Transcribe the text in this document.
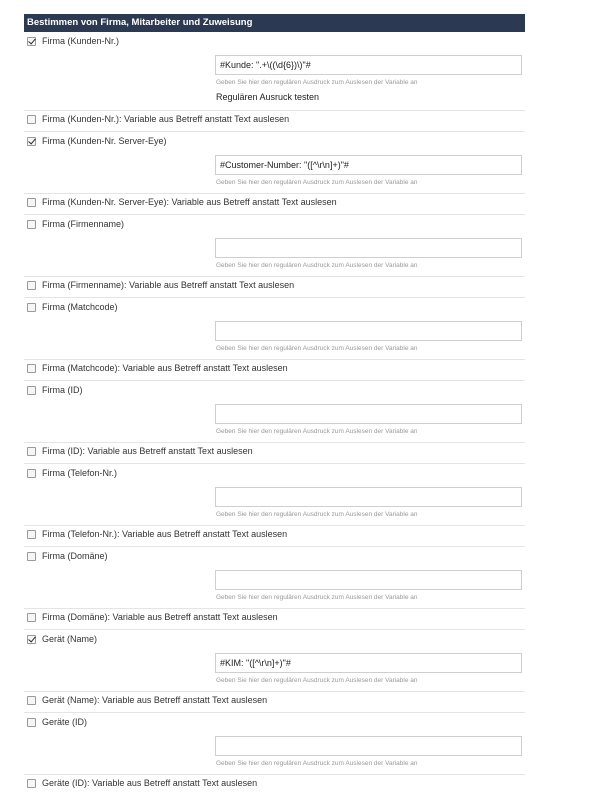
Bestimmen von Firma, Mitarbeiter und Zuweisung
Firma (Kunden-Nr.)
#Kunde: ".+\((\d{6})\)"#
Geben Sie hier den regulären Ausdruck zum Auslesen der Variable an
Regulären Ausruck testen
Firma (Kunden-Nr.): Variable aus Betreff anstatt Text auslesen
Firma (Kunden-Nr. Server-Eye)
#Customer-Number: "([^\r\n]+)"#
Geben Sie hier den regulären Ausdruck zum Auslesen der Variable an
Firma (Kunden-Nr. Server-Eye): Variable aus Betreff anstatt Text auslesen
Firma (Firmenname)
Geben Sie hier den regulären Ausdruck zum Auslesen der Variable an
Firma (Firmenname): Variable aus Betreff anstatt Text auslesen
Firma (Matchcode)
Geben Sie hier den regulären Ausdruck zum Auslesen der Variable an
Firma (Matchcode): Variable aus Betreff anstatt Text auslesen
Firma (ID)
Geben Sie hier den regulären Ausdruck zum Auslesen der Variable an
Firma (ID): Variable aus Betreff anstatt Text auslesen
Firma (Telefon-Nr.)
Geben Sie hier den regulären Ausdruck zum Auslesen der Variable an
Firma (Telefon-Nr.): Variable aus Betreff anstatt Text auslesen
Firma (Domäne)
Geben Sie hier den regulären Ausdruck zum Auslesen der Variable an
Firma (Domäne): Variable aus Betreff anstatt Text auslesen
Gerät (Name)
#KIM: "([^\r\n]+)"#
Geben Sie hier den regulären Ausdruck zum Auslesen der Variable an
Gerät (Name): Variable aus Betreff anstatt Text auslesen
Geräte (ID)
Geben Sie hier den regulären Ausdruck zum Auslesen der Variable an
Geräte (ID): Variable aus Betreff anstatt Text auslesen
